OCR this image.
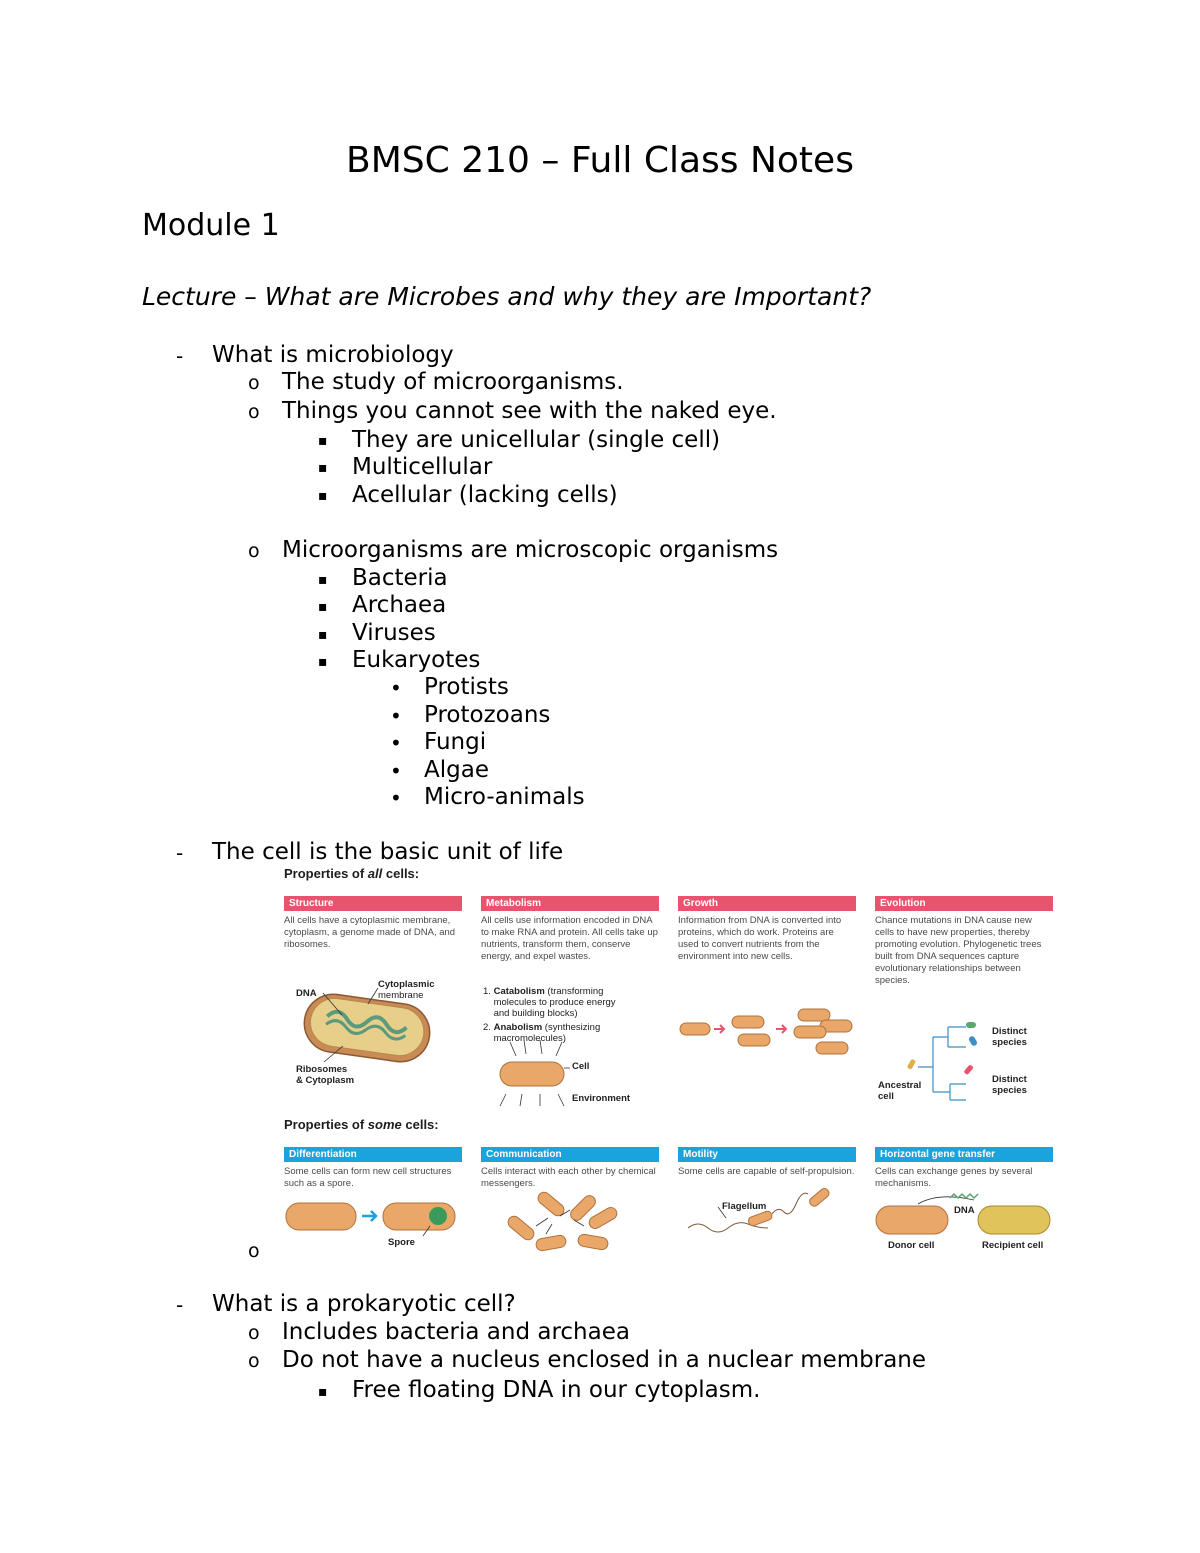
BMSC 210 – Full Class Notes
Module 1
Lecture – What are Microbes and why they are Important?
- What is microbiology
o The study of microorganisms.
o Things you cannot see with the naked eye.
▪ They are unicellular (single cell)
▪ Multicellular
▪ Acellular (lacking cells)
o Microorganisms are microscopic organisms
▪ Bacteria
▪ Archaea
▪ Viruses
▪ Eukaryotes
• Protists
• Protozoans
• Fungi
• Algae
• Micro-animals
- The cell is the basic unit of life
Properties of all cells:
Structure
All cells have a cytoplasmic membrane, cytoplasm, a genome made of DNA, and ribosomes.
Metabolism
All cells use information encoded in DNA to make RNA and protein. All cells take up nutrients, transform them, conserve energy, and expel wastes.
Growth
Information from DNA is converted into proteins, which do work. Proteins are used to convert nutrients from the environment into new cells.
Evolution
Chance mutations in DNA cause new cells to have new properties, thereby promoting evolution. Phylogenetic trees built from DNA sequences capture evolutionary relationships between species.
DNA
Cytoplasmic
membrane
Ribosomes
& Cytoplasm
1. Catabolism (transforming
molecules to produce energy
and building blocks)
2. Anabolism (synthesizing
macromolecules)
Cell
Environment
Distinct
species
Distinct
species
Ancestral
cell
Properties of some cells:
Differentiation
Some cells can form new cell structures such as a spore.
Communication
Cells interact with each other by chemical messengers.
Motility
Some cells are capable of self-propulsion.
Horizontal gene transfer
Cells can exchange genes by several mechanisms.
Spore
Flagellum	DNA
Donor cell	Recipient cell
o
- What is a prokaryotic cell?
o Includes bacteria and archaea
o Do not have a nucleus enclosed in a nuclear membrane
▪ Free floating DNA in our cytoplasm.
